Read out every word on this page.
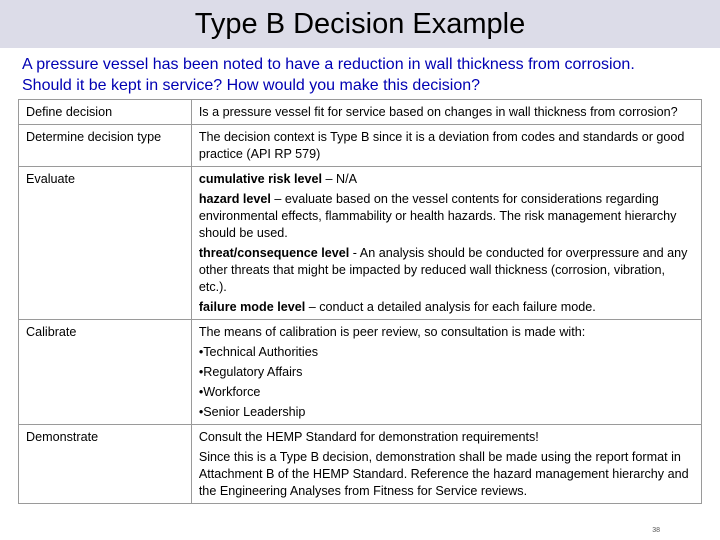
Type B Decision Example
A pressure vessel has been noted to have a reduction in wall thickness from corrosion.
Should it be kept in service? How would you make this decision?
Define decision	Is a pressure vessel fit for service based on changes in wall thickness from corrosion?
Determine decision type	The decision context is Type B since it is a deviation from codes and standards or good practice (API RP 579)
Evaluate	cumulative risk level – N/A
hazard level – evaluate based on the vessel contents for considerations regarding environmental effects, flammability or health hazards. The risk management hierarchy should be used.
threat/consequence level - An analysis should be conducted for overpressure and any other threats that might be impacted by reduced wall thickness (corrosion, vibration, etc.).
failure mode level – conduct a detailed analysis for each failure mode.

Calibrate	The means of calibration is peer review, so consultation is made with:
•Technical Authorities
•Regulatory Affairs
•Workforce
•Senior Leadership

Demonstrate	Consult the HEMP Standard for demonstration requirements!
Since this is a Type B decision, demonstration shall be made using the report format in Attachment B of the HEMP Standard. Reference the hazard management hierarchy and the Engineering Analyses from Fitness for Service reviews.
38
